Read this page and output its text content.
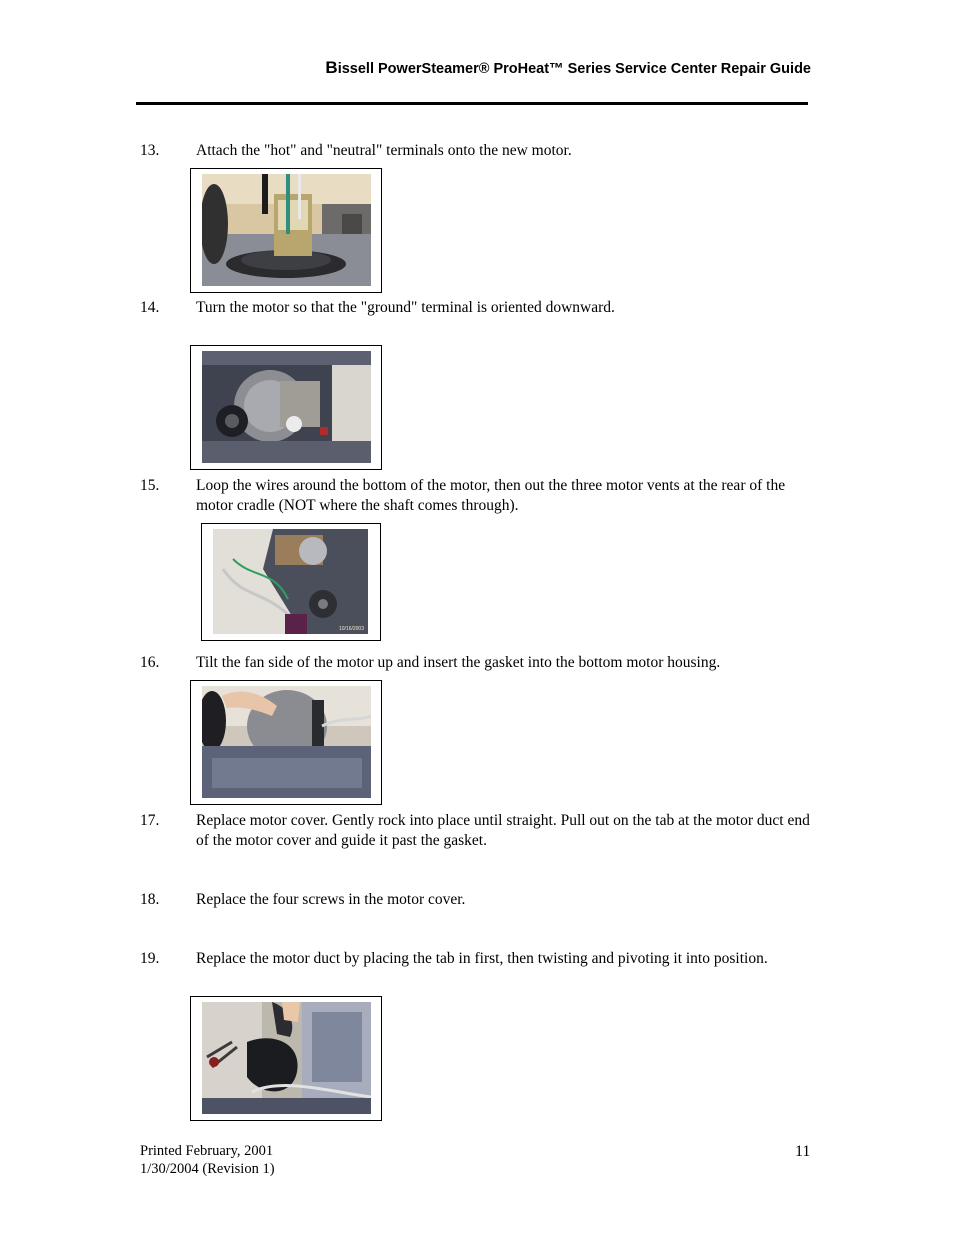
Bissell PowerSteamer® ProHeat™ Series Service Center Repair Guide
13.	Attach the "hot" and "neutral" terminals onto the new motor.
14.	Turn the motor so that the "ground" terminal is oriented downward.
15.	Loop the wires around the bottom of the motor, then out the three motor vents at the rear of the motor cradle (NOT where the shaft comes through).
10/16/2003
16.	Tilt the fan side of the motor up and insert the gasket into the bottom motor housing.
17.	Replace motor cover. Gently rock into place until straight. Pull out on the tab at the motor duct end of the motor cover and guide it past the gasket.
18.	Replace the four screws in the motor cover.
19.	Replace the motor duct by placing the tab in first, then twisting and pivoting it into position.
Printed February, 2001
1/30/2004 (Revision 1)
11
